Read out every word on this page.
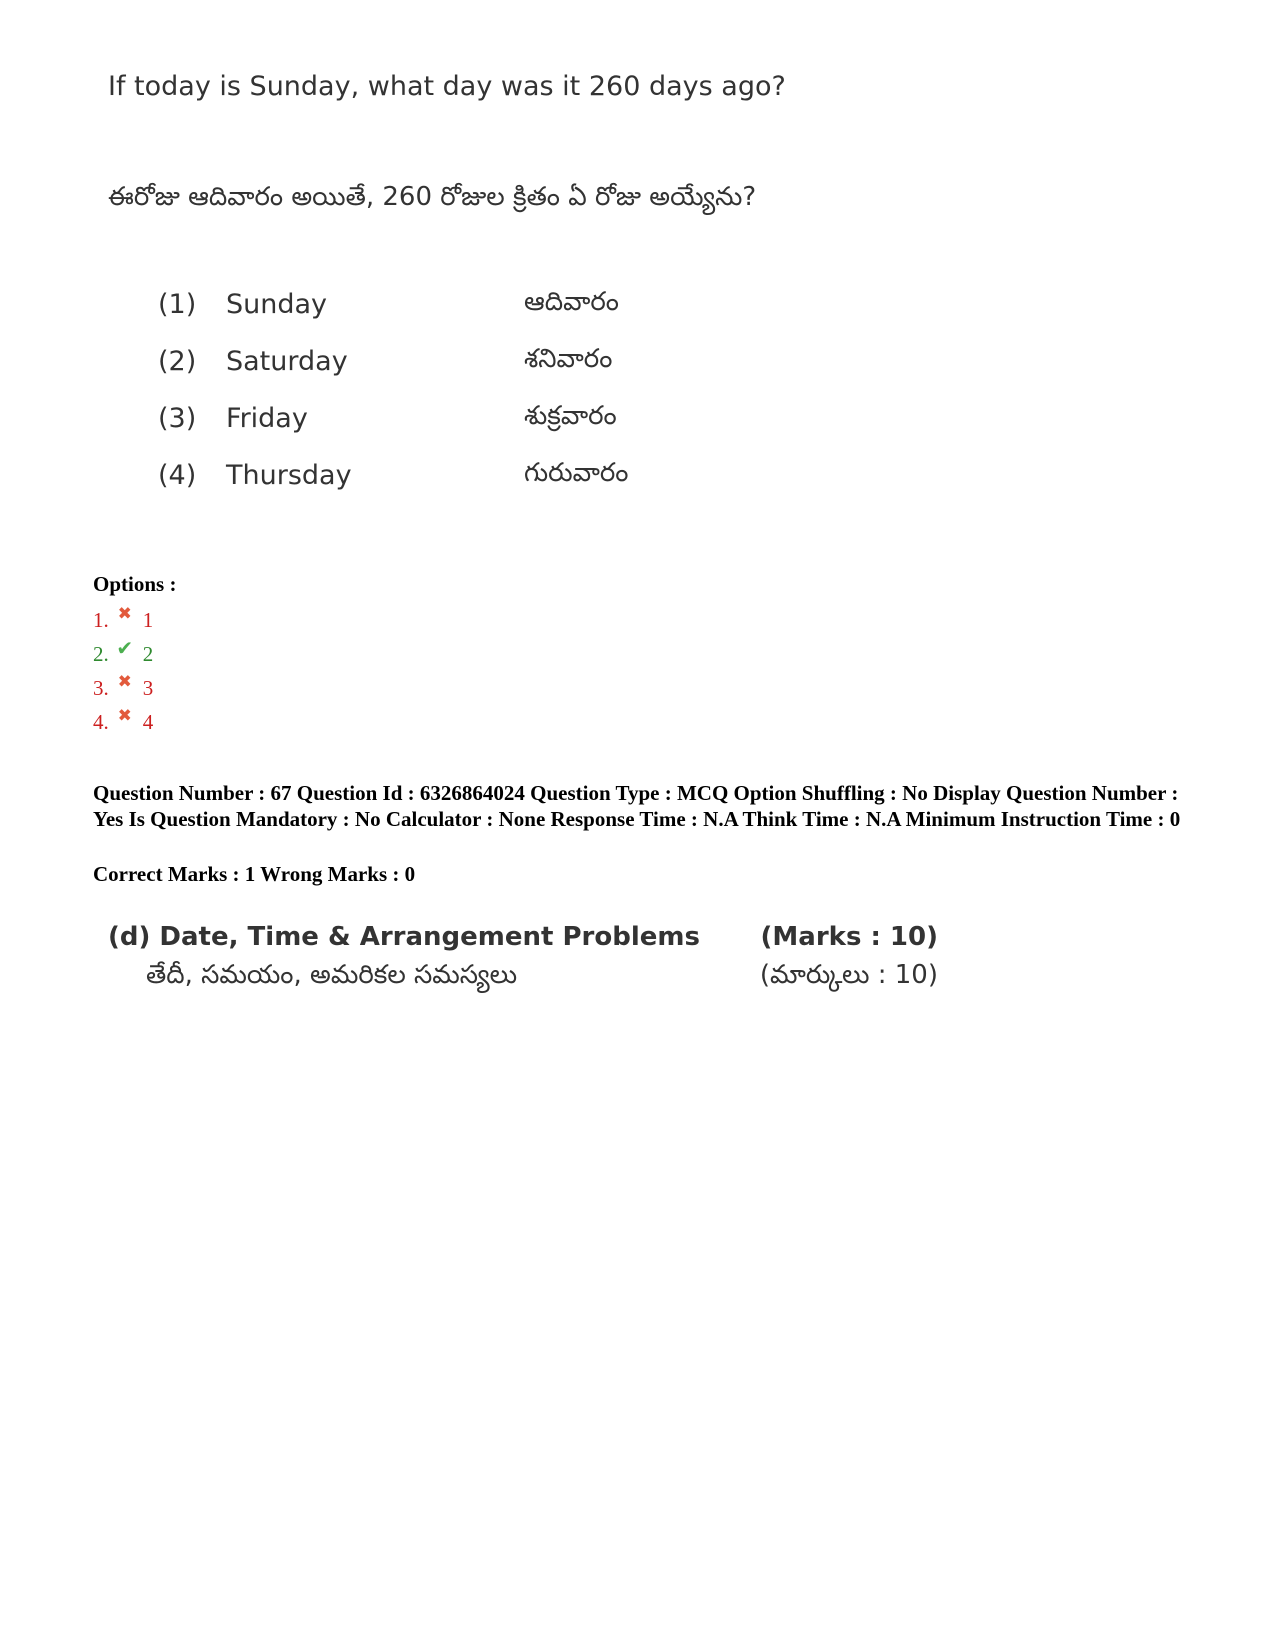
If today is Sunday, what day was it 260 days ago?
ఈరోజు ఆదివారం అయితే, 260 రోజుల క్రితం ఏ రోజు అయ్యేను?
(1)	Sunday	ఆదివారం
(2)	Saturday	శనివారం
(3)	Friday	శుక్రవారం
(4)	Thursday	గురువారం
Options :
1. ✖ 1
2. ✔ 2
3. ✖ 3
4. ✖ 4
Question Number : 67 Question Id : 6326864024 Question Type : MCQ Option Shuffling : No Display Question Number : Yes Is Question Mandatory : No Calculator : None Response Time : N.A Think Time : N.A Minimum Instruction Time : 0
Correct Marks : 1 Wrong Marks : 0
(d) Date, Time & Arrangement Problems (Marks : 10)
తేదీ, సమయం, అమరికల సమస్యలు	(మార్కులు : 10)
